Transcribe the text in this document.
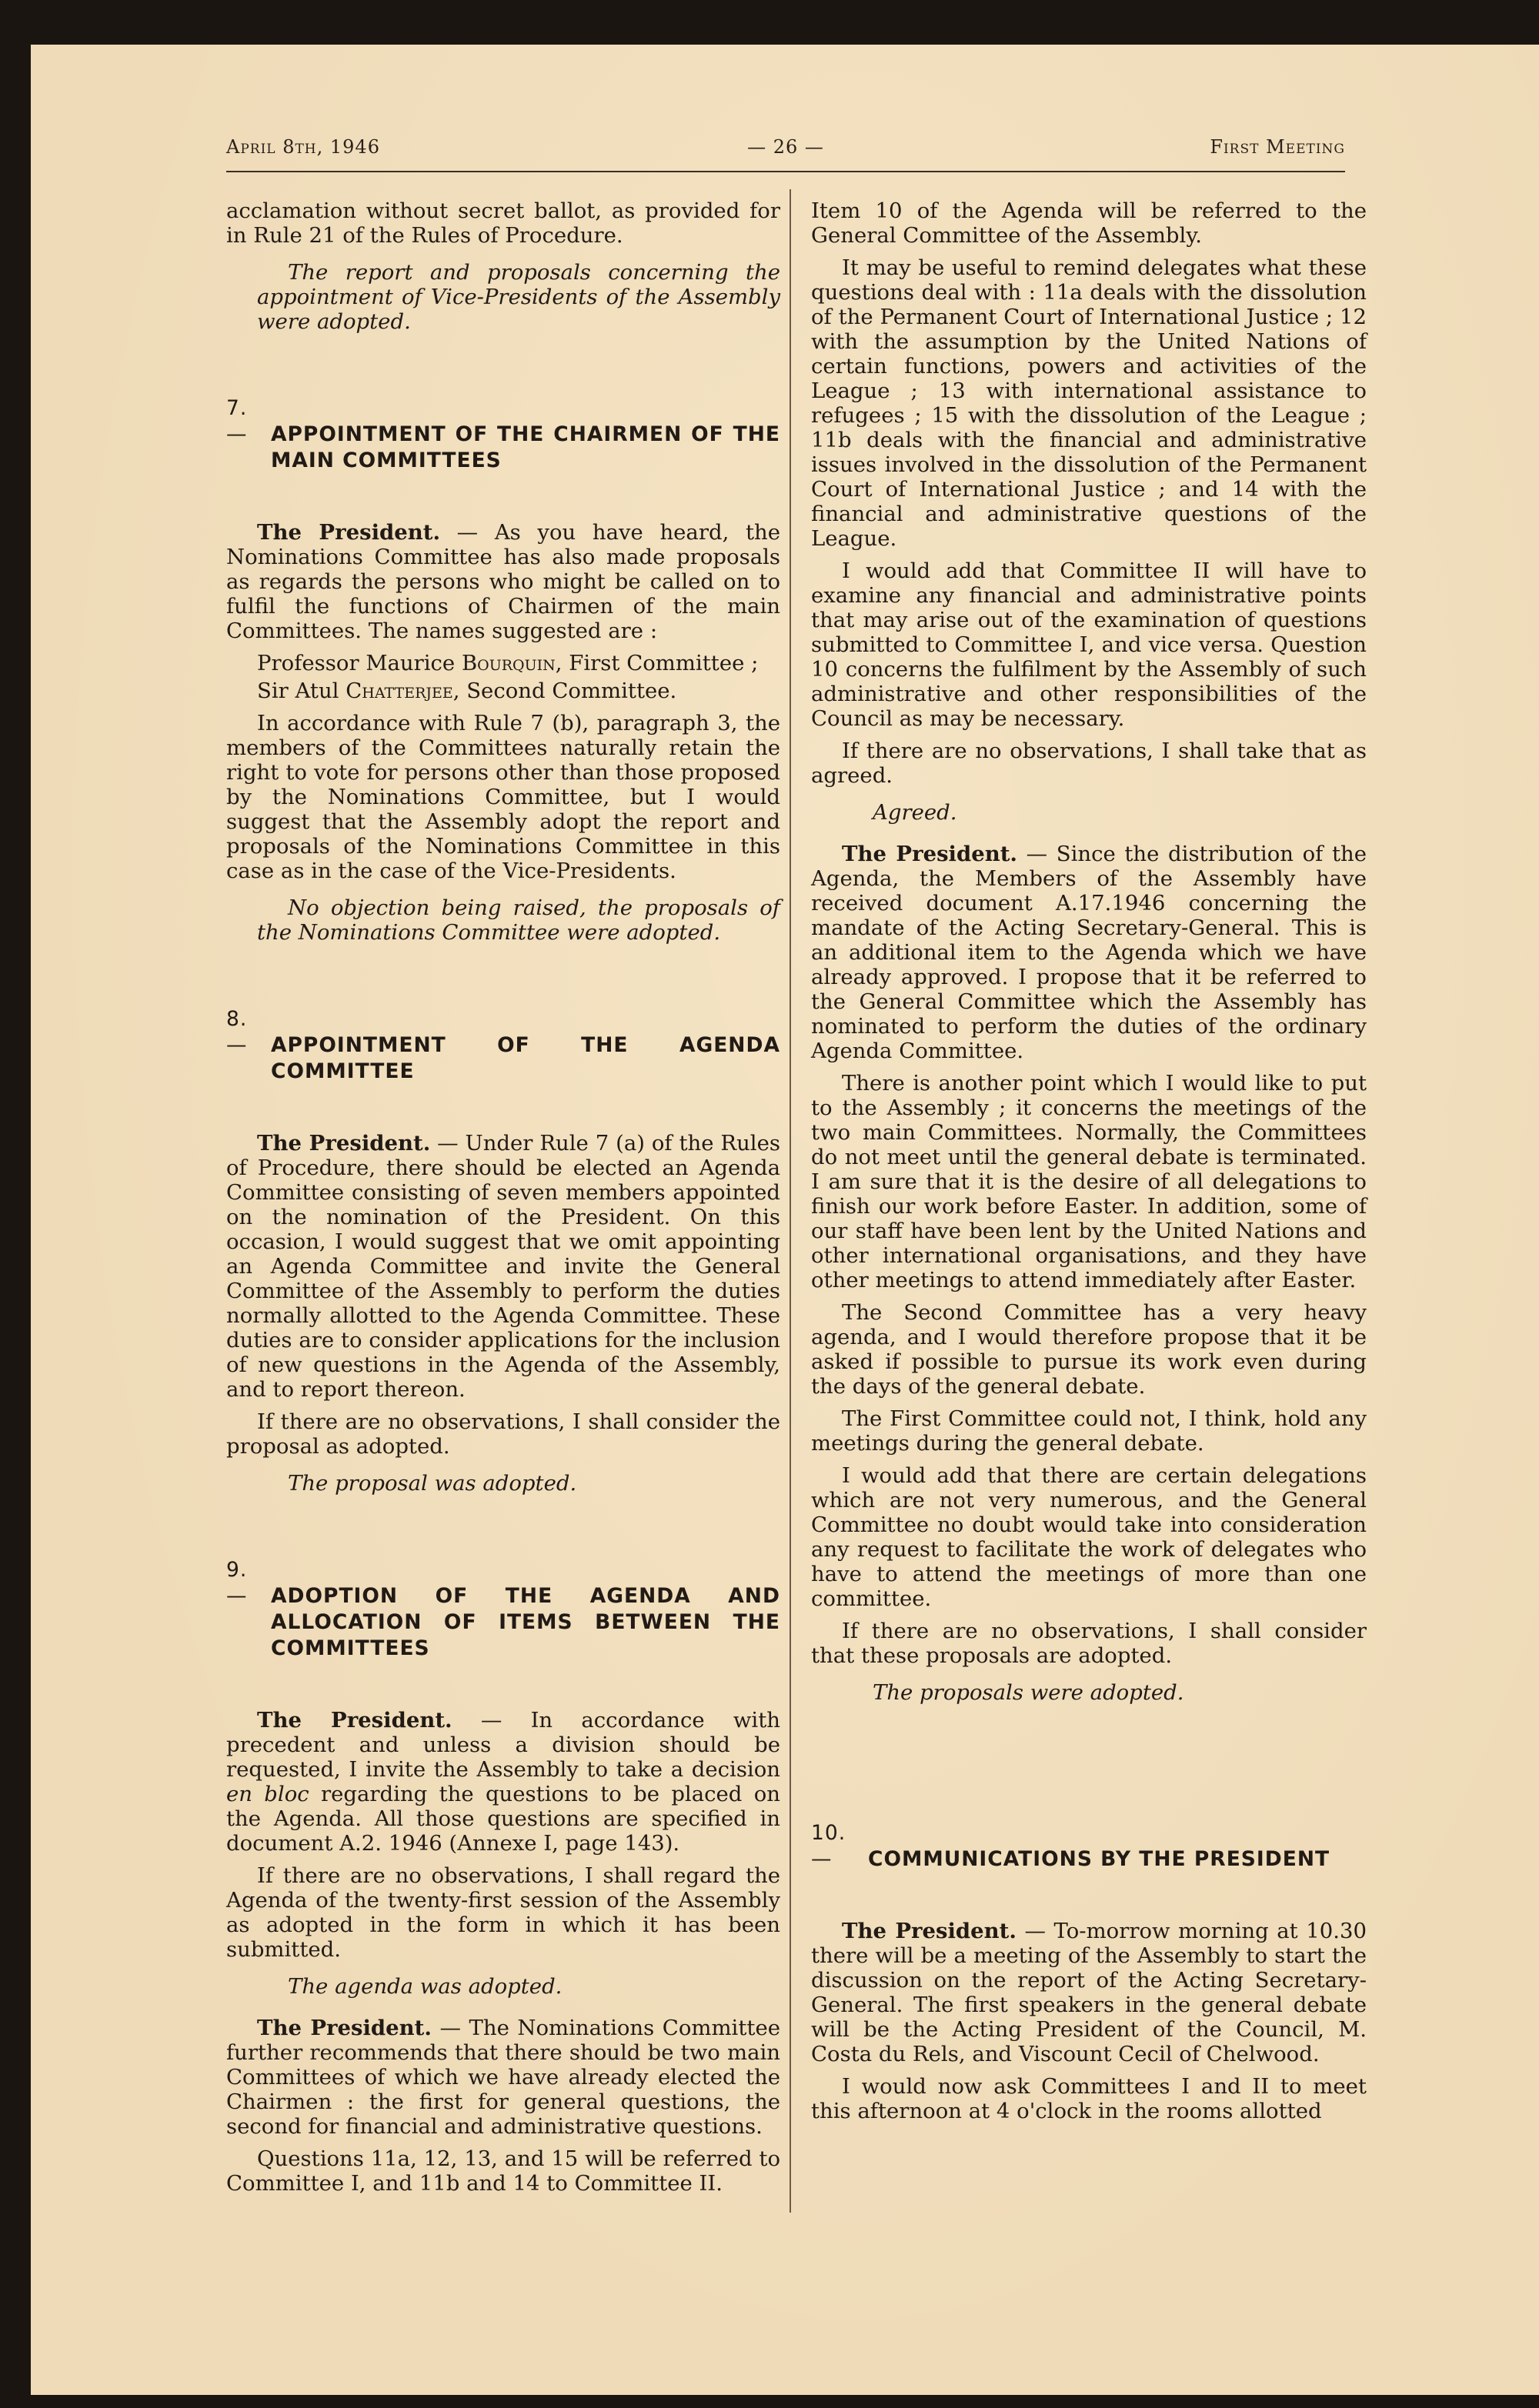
April 8th, 1946	— 26 —	First Meeting

acclamation without secret ballot, as provided for in Rule 21 of the Rules of Procedure.

The report and proposals concerning the appointment of Vice-Presidents of the Assembly were adopted.

7. — APPOINTMENT OF THE CHAIRMEN OF THE MAIN COMMITTEES

The President. — As you have heard, the Nominations Committee has also made proposals as regards the persons who might be called on to fulfil the functions of Chairmen of the main Committees. The names suggested are :

Professor Maurice Bourquin, First Committee ;

Sir Atul Chatterjee, Second Committee.

In accordance with Rule 7 (b), paragraph 3, the members of the Committees naturally retain the right to vote for persons other than those proposed by the Nominations Committee, but I would suggest that the Assembly adopt the report and proposals of the Nominations Committee in this case as in the case of the Vice-Presidents.

No objection being raised, the proposals of the Nominations Committee were adopted.

8. — APPOINTMENT OF THE AGENDA COMMITTEE

The President. — Under Rule 7 (a) of the Rules of Procedure, there should be elected an Agenda Committee consisting of seven members appointed on the nomination of the President. On this occasion, I would suggest that we omit appointing an Agenda Committee and invite the General Committee of the Assembly to perform the duties normally allotted to the Agenda Committee. These duties are to consider applications for the inclusion of new questions in the Agenda of the Assembly, and to report thereon.

If there are no observations, I shall consider the proposal as adopted.

The proposal was adopted.

9. — ADOPTION OF THE AGENDA AND ALLOCATION OF ITEMS BETWEEN THE COMMITTEES

The President. — In accordance with precedent and unless a division should be requested, I invite the Assembly to take a decision en bloc regarding the questions to be placed on the Agenda. All those questions are specified in document A.2. 1946 (Annexe I, page 143).

If there are no observations, I shall regard the Agenda of the twenty-first session of the Assembly as adopted in the form in which it has been submitted.

The agenda was adopted.

The President. — The Nominations Committee further recommends that there should be two main Committees of which we have already elected the Chairmen : the first for general questions, the second for financial and administrative questions.

Questions 11a, 12, 13, and 15 will be referred to Committee I, and 11b and 14 to Committee II.

Item 10 of the Agenda will be referred to the General Committee of the Assembly.

It may be useful to remind delegates what these questions deal with : 11a deals with the dissolution of the Permanent Court of International Justice ; 12 with the assumption by the United Nations of certain functions, powers and activities of the League ; 13 with international assistance to refugees ; 15 with the dissolution of the League ; 11b deals with the financial and administrative issues involved in the dissolution of the Permanent Court of International Justice ; and 14 with the financial and administrative questions of the League.

I would add that Committee II will have to examine any financial and administrative points that may arise out of the examination of questions submitted to Committee I, and vice versa. Question 10 concerns the fulfilment by the Assembly of such administrative and other responsibilities of the Council as may be necessary.

If there are no observations, I shall take that as agreed.

Agreed.

The President. — Since the distribution of the Agenda, the Members of the Assembly have received document A.17.1946 concerning the mandate of the Acting Secretary-General. This is an additional item to the Agenda which we have already approved. I propose that it be referred to the General Committee which the Assembly has nominated to perform the duties of the ordinary Agenda Committee.

There is another point which I would like to put to the Assembly ; it concerns the meetings of the two main Committees. Normally, the Committees do not meet until the general debate is terminated. I am sure that it is the desire of all delegations to finish our work before Easter. In addition, some of our staff have been lent by the United Nations and other international organisations, and they have other meetings to attend immediately after Easter.

The Second Committee has a very heavy agenda, and I would therefore propose that it be asked if possible to pursue its work even during the days of the general debate.

The First Committee could not, I think, hold any meetings during the general debate.

I would add that there are certain delegations which are not very numerous, and the General Committee no doubt would take into consideration any request to facilitate the work of delegates who have to attend the meetings of more than one committee.

If there are no observations, I shall consider that these proposals are adopted.

The proposals were adopted.

10. — COMMUNICATIONS BY THE PRESIDENT

The President. — To-morrow morning at 10.30 there will be a meeting of the Assembly to start the discussion on the report of the Acting Secretary-General. The first speakers in the general debate will be the Acting President of the Council, M. Costa du Rels, and Viscount Cecil of Chelwood.

I would now ask Committees I and II to meet this afternoon at 4 o'clock in the rooms allotted
